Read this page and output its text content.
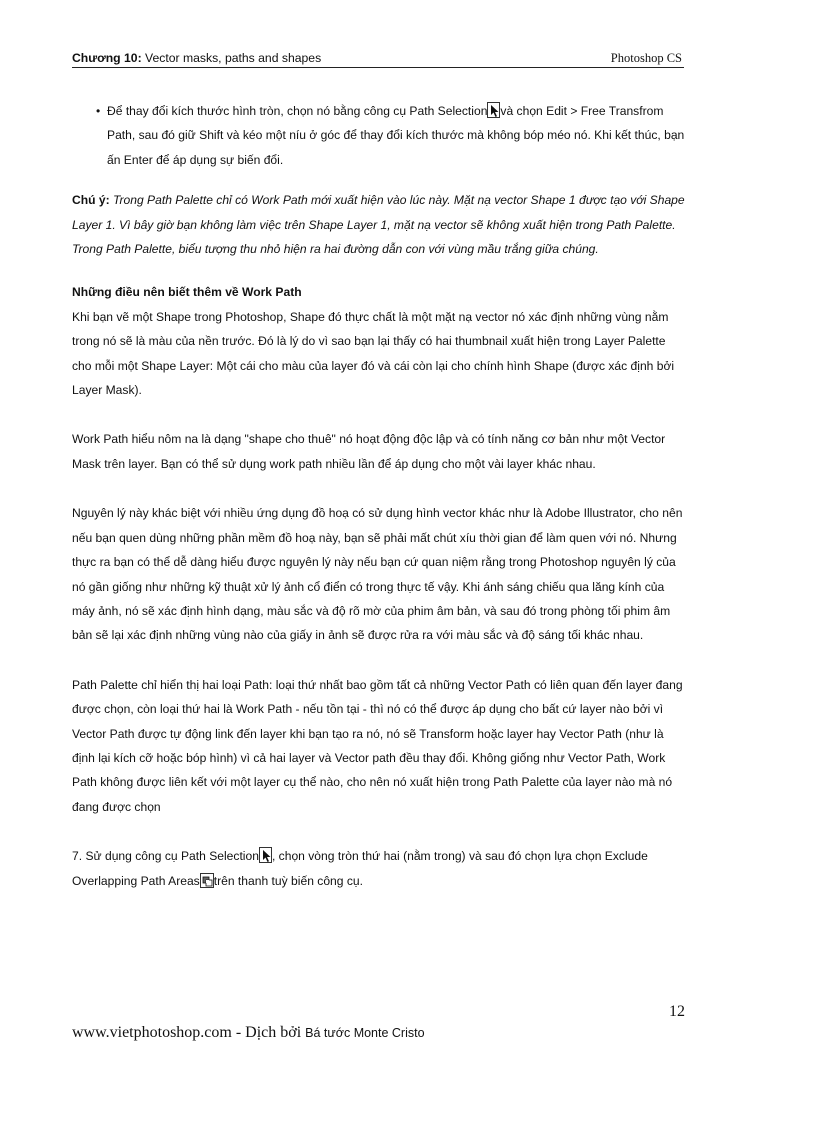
Chương 10: Vector masks, paths and shapes	Photoshop CS
• Để thay đổi kích thước hình tròn, chọn nó bằng công cụ Path Selection và chọn Edit > Free Transfrom Path, sau đó giữ Shift và kéo một níu ở góc để thay đổi kích thước mà không bóp méo nó. Khi kết thúc, bạn ấn Enter để áp dụng sự biến đổi.
Chú ý: Trong Path Palette chỉ có Work Path mới xuất hiện vào lúc này. Mặt nạ vector Shape 1 được tạo với Shape Layer 1. Vì bây giờ bạn không làm việc trên Shape Layer 1, mặt nạ vector sẽ không xuất hiện trong Path Palette. Trong Path Palette, biểu tượng thu nhỏ hiện ra hai đường dẫn con với vùng mầu trắng giữa chúng.
Những điều nên biết thêm về Work Path

Khi bạn vẽ một Shape trong Photoshop, Shape đó thực chất là một mặt nạ vector nó xác định những vùng nằm trong nó sẽ là màu của nền trước. Đó là lý do vì sao bạn lại thấy có hai thumbnail xuất hiện trong Layer Palette cho mỗi một Shape Layer: Một cái cho màu của layer đó và cái còn lại cho chính hình Shape (được xác định bởi Layer Mask).

Work Path hiểu nôm na là dạng "shape cho thuê" nó hoạt động độc lập và có tính năng cơ bản như một Vector Mask trên layer. Bạn có thể sử dụng work path nhiều lần để áp dụng cho một vài layer khác nhau.

Nguyên lý này khác biệt với nhiều ứng dụng đồ hoạ có sử dụng hình vector khác như là Adobe Illustrator, cho nên nếu bạn quen dùng những phần mềm đồ hoạ này, bạn sẽ phải mất chút xíu thời gian để làm quen với nó. Nhưng thực ra bạn có thể dễ dàng hiểu được nguyên lý này nếu bạn cứ quan niệm rằng trong Photoshop nguyên lý của nó gần giống như những kỹ thuật xử lý ảnh cổ điển có trong thực tế vậy. Khi ánh sáng chiếu qua lăng kính của máy ảnh, nó sẽ xác định hình dạng, màu sắc và độ rõ mờ của phim âm bản, và sau đó trong phòng tối phim âm bản sẽ lại xác định những vùng nào của giấy in ảnh sẽ được rửa ra với màu sắc và độ sáng tối khác nhau.

Path Palette chỉ hiển thị hai loại Path: loại thứ nhất bao gồm tất cả những Vector Path có liên quan đến layer đang được chọn, còn loại thứ hai là Work Path - nếu tồn tại - thì nó có thể được áp dụng cho bất cứ layer nào bởi vì Vector Path được tự động link đến layer khi bạn tạo ra nó, nó sẽ Transform hoặc layer hay Vector Path (như là định lại kích cỡ hoặc bóp hình) vì cả hai layer và Vector path đều thay đổi. Không giống như Vector Path, Work Path không được liên kết với một layer cụ thể nào, cho nên nó xuất hiện trong Path Palette của layer nào mà nó đang được chọn

7. Sử dụng công cụ Path Selection , chọn vòng tròn thứ hai (nằm trong) và sau đó chọn lựa chọn Exclude Overlapping Path Areas trên thanh tuỳ biến công cụ.
12
www.vietphotoshop.com - Dịch bởi Bá tước Monte Cristo
